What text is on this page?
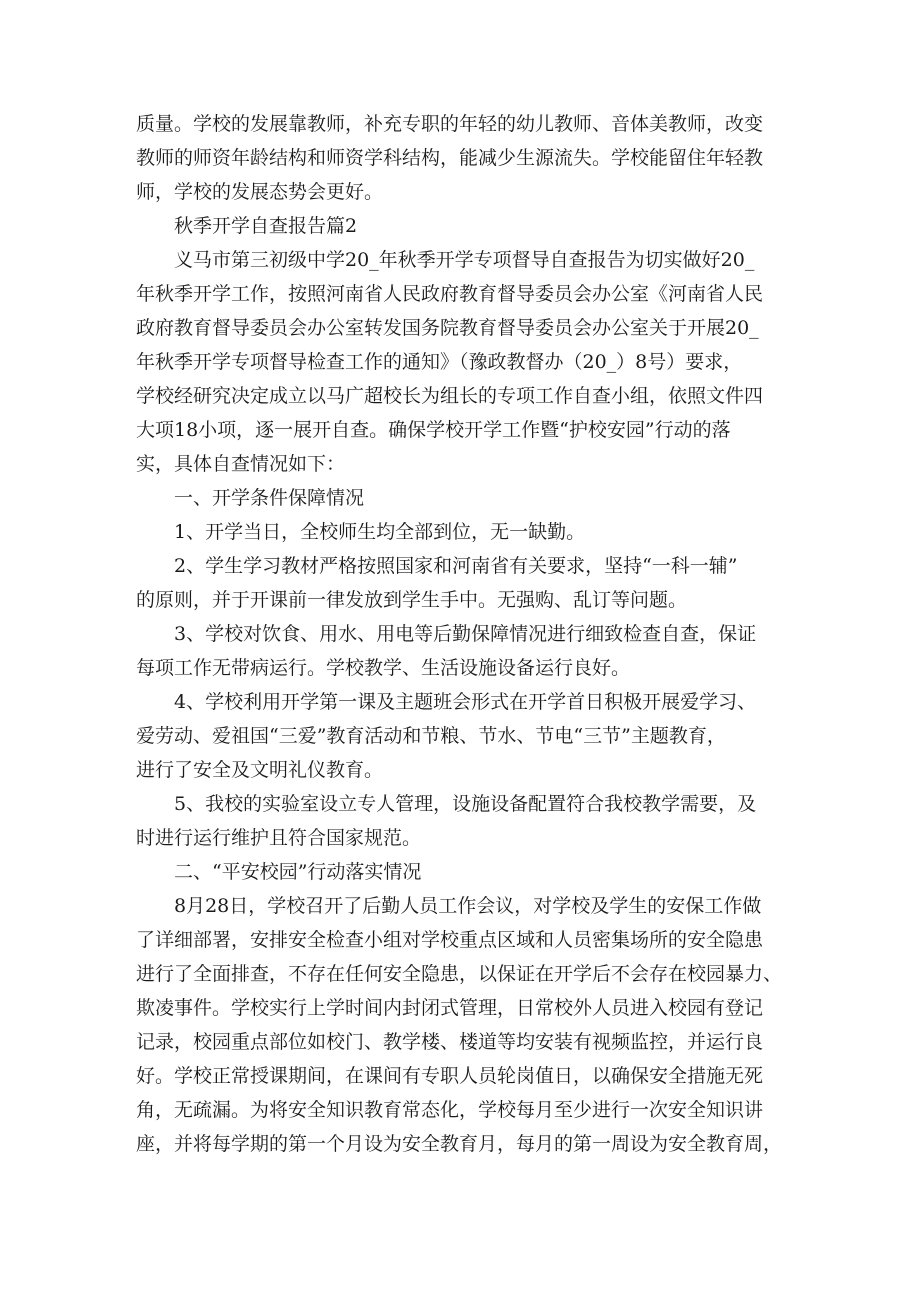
质量。学校的发展靠教师，补充专职的年轻的幼儿教师、音体美教师，改变
教师的师资年龄结构和师资学科结构，能减少生源流失。学校能留住年轻教
师，学校的发展态势会更好。

秋季开学自查报告篇2

义马市第三初级中学20_年秋季开学专项督导自查报告为切实做好20_
年秋季开学工作，按照河南省人民政府教育督导委员会办公室《河南省人民
政府教育督导委员会办公室转发国务院教育督导委员会办公室关于开展20_
年秋季开学专项督导检查工作的通知》（豫政教督办（20_）8号）要求，
学校经研究决定成立以马广超校长为组长的专项工作自查小组，依照文件四
大项18小项，逐一展开自查。确保学校开学工作暨“护校安园”行动的落
实，具体自查情况如下：

一、开学条件保障情况

1、开学当日，全校师生均全部到位，无一缺勤。

2、学生学习教材严格按照国家和河南省有关要求，坚持“一科一辅”
的原则，并于开课前一律发放到学生手中。无强购、乱订等问题。

3、学校对饮食、用水、用电等后勤保障情况进行细致检查自查，保证
每项工作无带病运行。学校教学、生活设施设备运行良好。

4、学校利用开学第一课及主题班会形式在开学首日积极开展爱学习、
爱劳动、爱祖国“三爱”教育活动和节粮、节水、节电“三节”主题教育，
进行了安全及文明礼仪教育。

5、我校的实验室设立专人管理，设施设备配置符合我校教学需要，及
时进行运行维护且符合国家规范。

二、“平安校园”行动落实情况

8月28日，学校召开了后勤人员工作会议，对学校及学生的安保工作做
了详细部署，安排安全检查小组对学校重点区域和人员密集场所的安全隐患
进行了全面排查，不存在任何安全隐患，以保证在开学后不会存在校园暴力、
欺凌事件。学校实行上学时间内封闭式管理，日常校外人员进入校园有登记
记录，校园重点部位如校门、教学楼、楼道等均安装有视频监控，并运行良
好。学校正常授课期间，在课间有专职人员轮岗值日，以确保安全措施无死
角，无疏漏。为将安全知识教育常态化，学校每月至少进行一次安全知识讲
座，并将每学期的第一个月设为安全教育月，每月的第一周设为安全教育周，
